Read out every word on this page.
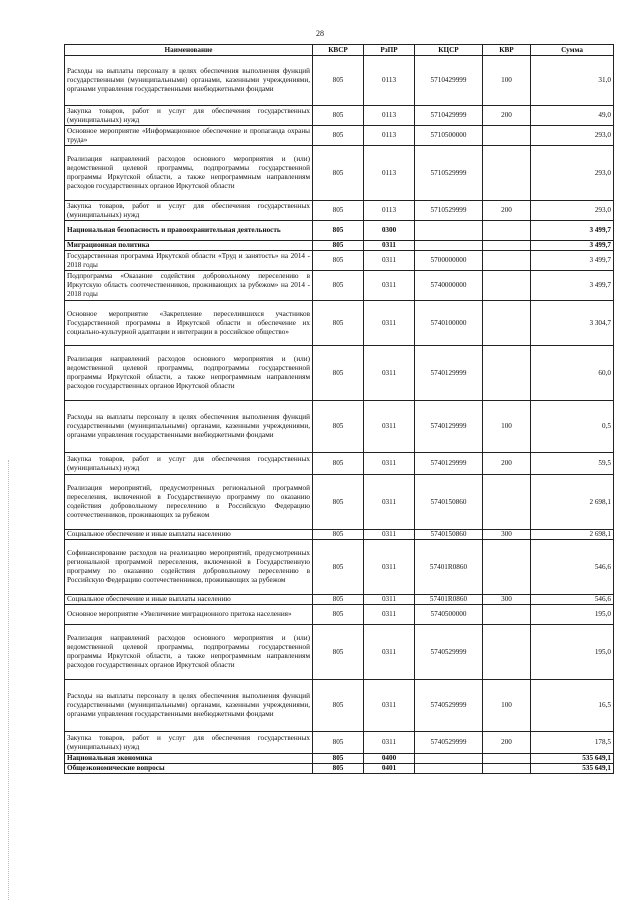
28
Наименование	КВСР	РзПР	КЦСР	КВР	Сумма
Расходы на выплаты персоналу в целях обеспечения выполнения функций государственными (муниципальными) органами, казенными учреждениями, органами управления государственными внебюджетными фондами	805	0113	5710429999	100	31,0
Закупка товаров, работ и услуг для обеспечения государственных (муниципальных) нужд	805	0113	5710429999	200	49,0
Основное мероприятие «Информационное обеспечение и пропаганда охраны труда»	805	0113	5710500000		293,0
Реализация направлений расходов основного мероприятия и (или) ведомственной целевой программы, подпрограммы государственной программы Иркутской области, а также непрограммным направлениям расходов государственных органов Иркутской области	805	0113	5710529999		293,0
Закупка товаров, работ и услуг для обеспечения государственных (муниципальных) нужд	805	0113	5710529999	200	293,0
Национальная безопасность и правоохранительная деятельность	805	0300			3 499,7
Миграционная политика	805	0311			3 499,7
Государственная программа Иркутской области «Труд и занятость» на 2014 - 2018 годы	805	0311	5700000000		3 499,7
Подпрограмма «Оказание содействия добровольному переселению в Иркутскую область соотечественников, проживающих за рубежом» на 2014 - 2018 годы	805	0311	5740000000		3 499,7
Основное мероприятие «Закрепление переселившихся участников Государственной программы в Иркутской области и обеспечение их социально-культурной адаптации и интеграции в российское общество»	805	0311	5740100000		3 304,7
Реализация направлений расходов основного мероприятия и (или) ведомственной целевой программы, подпрограммы государственной программы Иркутской области, а также непрограммным направлениям расходов государственных органов Иркутской области	805	0311	5740129999		60,0
Расходы на выплаты персоналу в целях обеспечения выполнения функций государственными (муниципальными) органами, казенными учреждениями, органами управления государственными внебюджетными фондами	805	0311	5740129999	100	0,5
Закупка товаров, работ и услуг для обеспечения государственных (муниципальных) нужд	805	0311	5740129999	200	59,5
Реализация мероприятий, предусмотренных региональной программой переселения, включенной в Государственную программу по оказанию содействия добровольному переселению в Российскую Федерацию соотечественников, проживающих за рубежом	805	0311	5740150860		2 698,1
Социальное обеспечение и иные выплаты населению	805	0311	5740150860	300	2 698,1
Софинансирование расходов на реализацию мероприятий, предусмотренных региональной программой переселения, включенной в Государственную программу по оказанию содействия добровольному переселению в Российскую Федерацию соотечественников, проживающих за рубежом	805	0311	57401R0860		546,6
Социальное обеспечение и иные выплаты населению	805	0311	57401R0860	300	546,6
Основное мероприятие «Увеличение миграционного притока населения»	805	0311	5740500000		195,0
Реализация направлений расходов основного мероприятия и (или) ведомственной целевой программы, подпрограммы государственной программы Иркутской области, а также непрограммным направлениям расходов государственных органов Иркутской области	805	0311	5740529999		195,0
Расходы на выплаты персоналу в целях обеспечения выполнения функций государственными (муниципальными) органами, казенными учреждениями, органами управления государственными внебюджетными фондами	805	0311	5740529999	100	16,5
Закупка товаров, работ и услуг для обеспечения государственных (муниципальных) нужд	805	0311	5740529999	200	178,5
Национальная экономика	805	0400			535 649,1
Общеэкономические вопросы	805	0401			535 649,1
